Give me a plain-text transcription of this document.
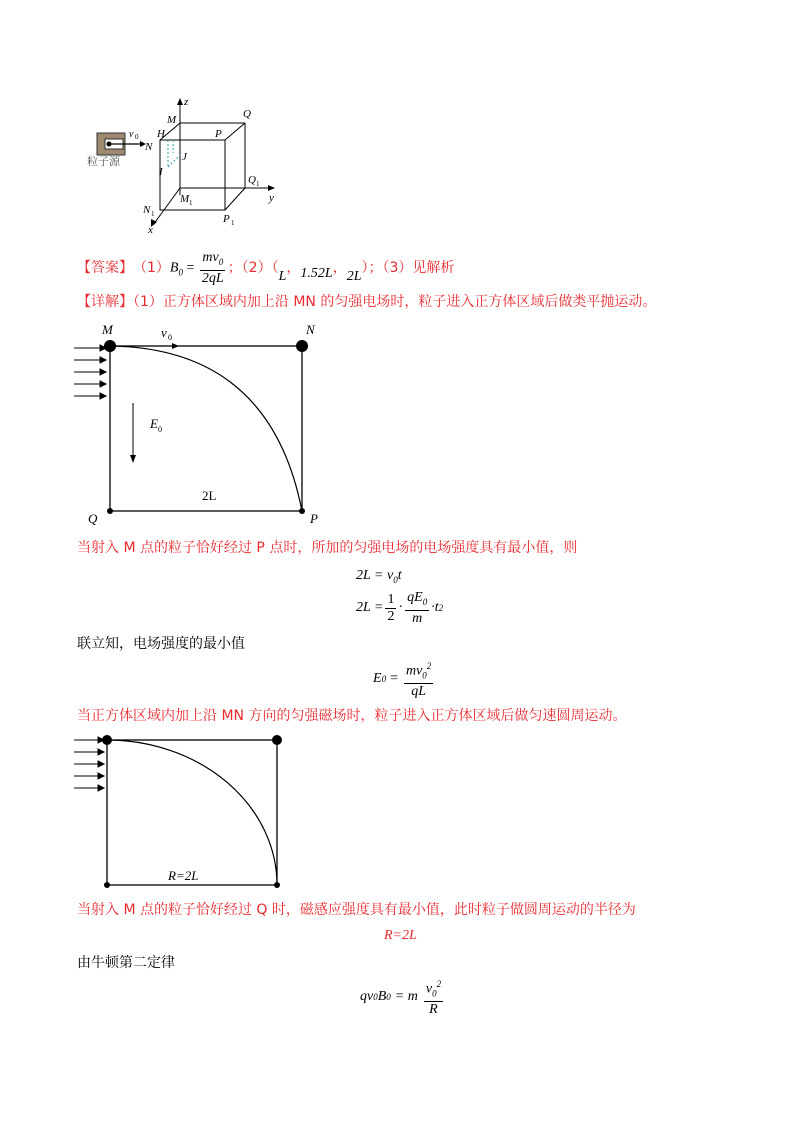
v 0
粒子源
z
y
x
M
H
N
J
I
P
Q
Q 1
M 1
N 1	P 1
【答案】 （1） $B_0 = \frac{mv_0}{2qL}$ ；（2）（
L
， 1.52L ，
2L
）；（3）见解析
【详解】（1）正方体区域内加上沿 MN 的匀强电场时，粒子进入正方体区域后做类平抛运动。
v 0
E 0
M	N
Q	P
2L
当射入 M 点的粒子恰好经过 P 点时，所加的匀强电场的电场强度具有最小值，则
$2L = v_0t$
$2L = \frac{1}{2} \cdot \frac{qE_0}{m} \cdot t$ 2
联立知，电场强度的最小值
E $0 = \frac{mv_0^2}{qL}$
当正方体区域内加上沿 MN 方向的匀强磁场时，粒子进入正方体区域后做匀速圆周运动。
R=2L
当射入 M 点的粒子恰好经过 Q 时，磁感应强度具有最小值，此时粒子做圆周运动的半径为
R=2L
由牛顿第二定律
qv 0 B 0 = m $\frac{v_0^2}{R}$
